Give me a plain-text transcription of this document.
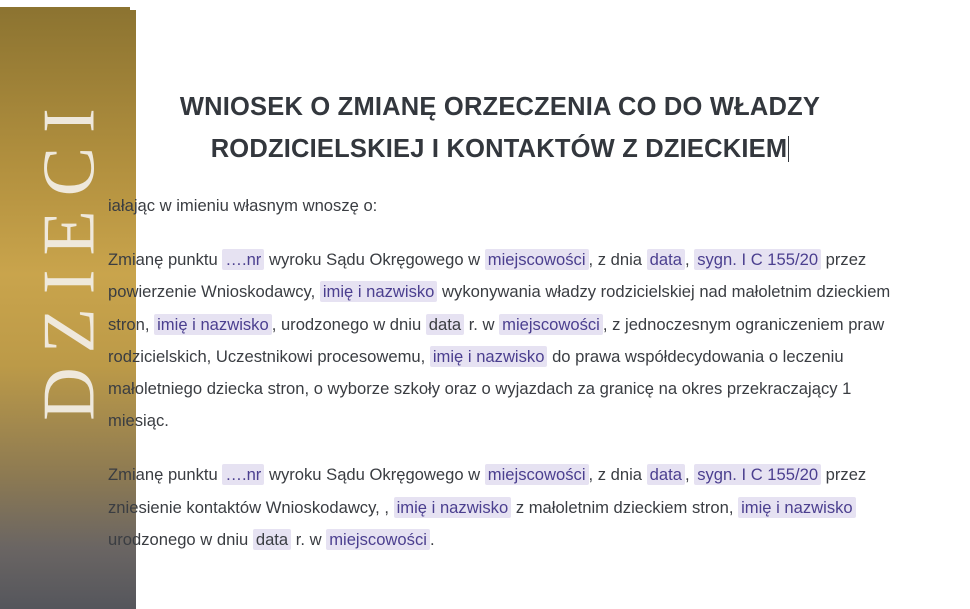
DZIECI	WNIOSEK O ZMIANĘ ORZECZENIA CO DO WŁADZY
RODZICIELSKIEJ I KONTAKTÓW Z DZIECKIEM

iałając w imieniu własnym wnoszę o:

Zmianę punktu ….nr wyroku Sądu Okręgowego w miejscowości , z dnia data , sygn. I C 155/20 przez powierzenie Wnioskodawcy, imię i nazwisko wykonywania władzy rodzicielskiej nad małoletnim dzieckiem stron, imię i nazwisko , urodzonego w dniu data r. w miejscowości , z jednoczesnym ograniczeniem praw rodzicielskich, Uczestnikowi procesowemu, imię i nazwisko do prawa współdecydowania o leczeniu małoletniego dziecka stron, o wyborze szkoły oraz o wyjazdach za granicę na okres przekraczający 1 miesiąc.

Zmianę punktu ….nr wyroku Sądu Okręgowego w miejscowości , z dnia data , sygn. I C 155/20 przez zniesienie kontaktów Wnioskodawcy, , imię i nazwisko z małoletnim dzieckiem stron, imię i nazwisko urodzonego w dniu data r. w miejscowości .
